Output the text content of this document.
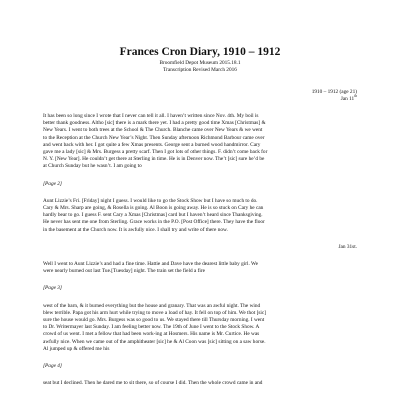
Frances Cron Diary, 1910 – 1912
Broomfield Depot Museum 2015.18.1
Transcription Revised March 2016
1910 – 1912 (age 21)
Jan 11th
It has been so long since I wrote that I never can tell it all. I haven’t written since Nov. 4th. My boil is
better thank goodness. Altho [sic] there is a mark there yet. I had a pretty good time Xmas [Christmas] &
New Years. I went to both trees at the School & The Church. Blanche came over New Years & we went
to the Reception at the Church New Year’s Night. Then Sunday afternoon Richmond Barbour came over
and went back with her. I got quite a few Xmas presents. George sent a burned wood handmirror. Cary
gave me a lady [sic] & Mrs. Burgess a pretty scarf. Then I got lots of other things. F. didn’t come back for
N. Y. [New Year]. He couldn’t get there at Sterling in time. He is in Denver now. The’t [sic] sure he’d be
at Church Sunday but he wasn’t. I am going to
[Page 2]
Aunt Lizzie’s Fri. [Friday] night I guess. I would like to go the Stock Show but I have so much to do.
Cary & Mrs. Sharp are going, & Rosella is going. Al Boon is going away. He is so stuck on Cary he can
hardly bear to go. I guess F. sent Cary a Xmas [Christmas] card but I haven’t heard since Thanksgiving.
He never has sent me one from Sterling. Grace works in the P.O. [Post Office] there. They have the floor
in the basement at the Church now. It is awfully nice. I shall try and write of there now.
Jan 31st.
Well I went to Aunt Lizzie’s and had a fine time. Hattie and Dave have the dearest little baby girl. We
were nearly burned out last Tue.[Tuesday] night. The train set the field a fire
[Page 3]
west of the barn, & it burned everything but the house and granary. That was an awful night. The wind
blew terrible. Papa got his arm hurt while trying to move a load of hay. It fell on top of him. We thot [sic]
sure the house would go. Mrs. Burgess was so good to us. We stayed there till Thursday morning. I went
to Dr. Writermayer last Sunday. I am feeling better now. The 19th of June I went to the Stock Show. A
crowd of us went. I met a fellow that had been work-ing at Hosmers. His name is Mr. Curtice. He was
awfully nice. When we came out of the amphitheater [sic] he & Al Coon was [sic] sitting on a saw horse.
Al jumped up & offered me his
[Page 4]
seat but I declined. Then he dared me to sit there, so of course I did. Then the whole crowd came in and
